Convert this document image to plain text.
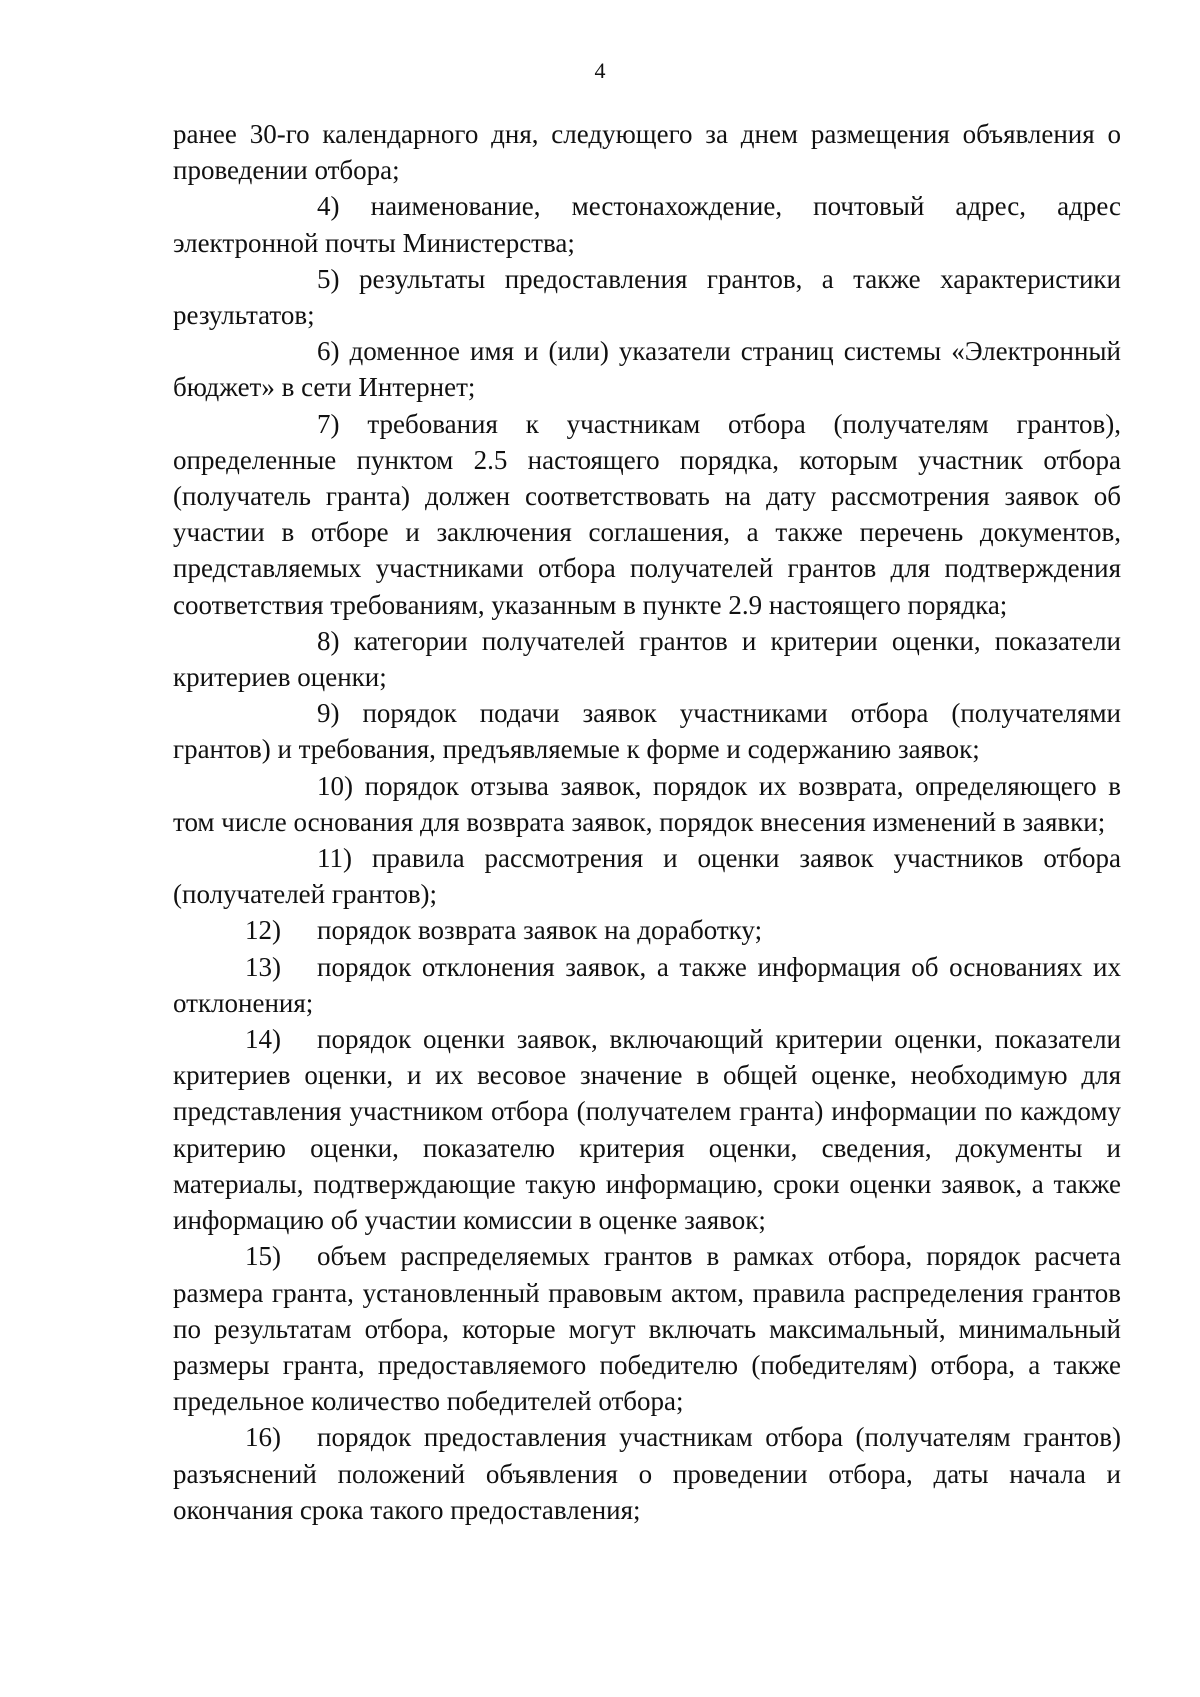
4

ранее 30-го календарного дня, следующего за днем размещения объявления о проведении отбора;

4) наименование, местонахождение, почтовый адрес, адрес электронной почты Министерства;

5) результаты предоставления грантов, а также характеристики результатов;

6) доменное имя и (или) указатели страниц системы «Электронный бюджет» в сети Интернет;

7) требования к участникам отбора (получателям грантов), определенные пунктом 2.5 настоящего порядка, которым участник отбора (получатель гранта) должен соответствовать на дату рассмотрения заявок об участии в отборе и заключения соглашения, а также перечень документов, представляемых участниками отбора получателей грантов для подтверждения соответствия требованиям, указанным в пункте 2.9 настоящего порядка;

8) категории получателей грантов и критерии оценки, показатели критериев оценки;

9) порядок подачи заявок участниками отбора (получателями грантов) и требования, предъявляемые к форме и содержанию заявок;

10) порядок отзыва заявок, порядок их возврата, определяющего в том числе основания для возврата заявок, порядок внесения изменений в заявки;

11) правила рассмотрения и оценки заявок участников отбора (получателей грантов);

12) порядок возврата заявок на доработку;

13) порядок отклонения заявок, а также информация об основаниях их отклонения;

14) порядок оценки заявок, включающий критерии оценки, показатели критериев оценки, и их весовое значение в общей оценке, необходимую для представления участником отбора (получателем гранта) информации по каждому критерию оценки, показателю критерия оценки, сведения, документы и материалы, подтверждающие такую информацию, сроки оценки заявок, а также информацию об участии комиссии в оценке заявок;

15) объем распределяемых грантов в рамках отбора, порядок расчета размера гранта, установленный правовым актом, правила распределения грантов по результатам отбора, которые могут включать максимальный, минимальный размеры гранта, предоставляемого победителю (победителям) отбора, а также предельное количество победителей отбора;

16) порядок предоставления участникам отбора (получателям грантов) разъяснений положений объявления о проведении отбора, даты начала и окончания срока такого предоставления;
